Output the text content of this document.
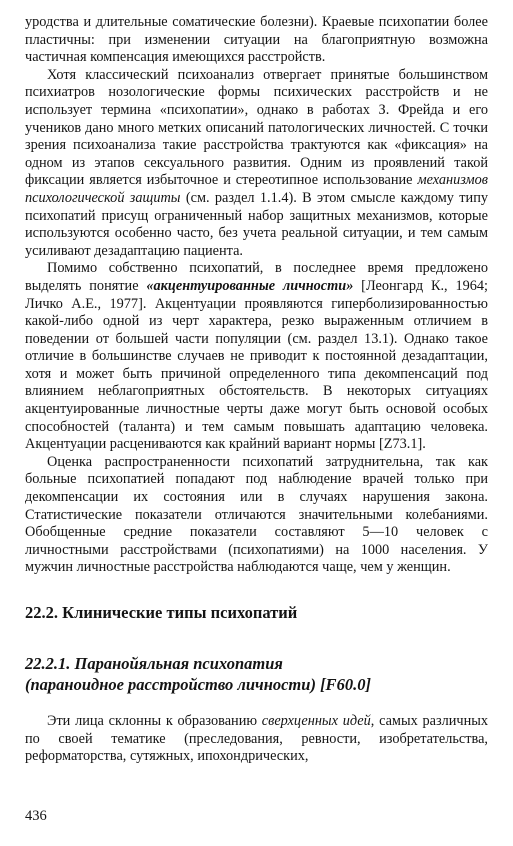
уродства и длительные соматические болезни). Краевые психопатии более пластичны: при изменении ситуации на благоприятную возможна частичная компенсация имеющихся расстройств.

Хотя классический психоанализ отвергает принятые большинством психиатров нозологические формы психических расстройств и не использует термина «психопатии», однако в работах З. Фрейда и его учеников дано много метких описаний патологических личностей. С точки зрения психоанализа такие расстройства трактуются как «фиксация» на одном из этапов сексуального развития. Одним из проявлений такой фиксации является избыточное и стереотипное использование механизмов психологической защиты (см. раздел 1.1.4). В этом смысле каждому типу психопатий присущ ограниченный набор защитных механизмов, которые используются особенно часто, без учета реальной ситуации, и тем самым усиливают дезадаптацию пациента.

Помимо собственно психопатий, в последнее время предложено выделять понятие «акцентуированные личности» [Леонгард К., 1964; Личко А.Е., 1977]. Акцентуации проявляются гиперболизированностью какой-либо одной из черт характера, резко выраженным отличием в поведении от большей части популяции (см. раздел 13.1). Однако такое отличие в большинстве случаев не приводит к постоянной дезадаптации, хотя и может быть причиной определенного типа декомпенсаций под влиянием неблагоприятных обстоятельств. В некоторых ситуациях акцентуированные личностные черты даже могут быть основой особых способностей (таланта) и тем самым повышать адаптацию человека. Акцентуации расцениваются как крайний вариант нормы [Z73.1].

Оценка распространенности психопатий затруднительна, так как больные психопатией попадают под наблюдение врачей только при декомпенсации их состояния или в случаях нарушения закона. Статистические показатели отличаются значительными колебаниями. Обобщенные средние показатели составляют 5—10 человек с личностными расстройствами (психопатиями) на 1000 населения. У мужчин личностные расстройства наблюдаются чаще, чем у женщин.

22.2. Клинические типы психопатий
22.2.1. Паранойяльная психопатия
(параноидное расстройство личности) [F60.0]

Эти лица склонны к образованию сверхценных идей, самых различных по своей тематике (преследования, ревности, изобретательства, реформаторства, сутяжных, ипохондрических,

436
